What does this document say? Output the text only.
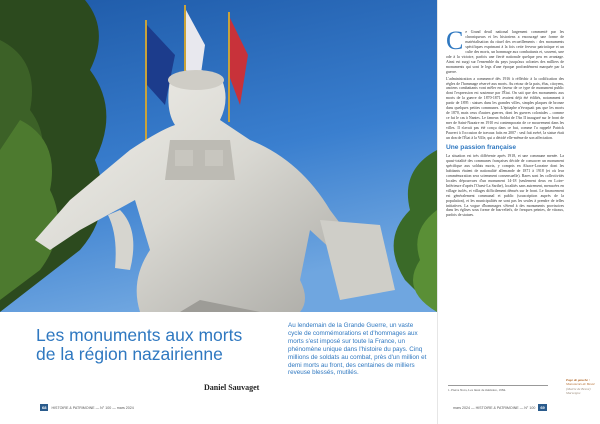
Les monuments aux morts
de la région nazairienne
Daniel Sauvaget
Au lendemain de la Grande Guerre, un vaste cycle de commémorations et d'hommages aux morts s'est imposé sur toute la France, un phénomène unique dans l'histoire du pays. Cinq millions de soldats au combat, près d'un million et demi morts au front, des centaines de milliers reveuse blessés, mutilés.
68	HISTOIRE & PATRIMOINE — N° 100 — mars 2024

Ce Grand deuil national largement commenté par les chroniqueurs et les historiens a encouragé une forme de matérialisation du rituel des recueillements : des monuments spécifiques exprimant à la fois cette ferveur patriotique et un culte des morts, un hommage aux combattants et, souvent, une ode à la victoire, parfois une fierté nationale quelque peu en avantage. Ainsi est surgi sur l'ensemble du pays jusqu'aux colonies des milliers de monuments qui sont le legs d'une époque profondément marquée par la guerre.

L'administration a commencé dès 1916 à réfléchir à la codification des règles de l'hommage réservé aux morts. Au retour de la paix, élus, citoyens, anciens combattants vont mêler en faveur de ce type de monument public dont l'expression est soutenue par l'État. On sait que des monuments aux morts de la guerre de 1870-1871 avaient déjà été édifiés, notamment à partir de 1895 : statues dans les grandes villes, simples plaques de bronze dans quelques petites communes. L'épitaphe n'évoquait pas que les morts de 1870, mais ceux d'autres guerres, dont les guerres coloniales – comme ce fut le cas à Nantes. Le fameux Soldat de l'An II inauguré sur le front de mer de Saint-Nazaire en 1910 est contemporain de ce mouvement dans les villes. Il n'avait pas été conçu dans ce but, comme l'a rappelé Patrick Pauvert à l'occasion de travaux faits en 2007 : seul fait avéré, la statue était un don de l'État à la Ville, qui a décidé elle-même de son affectation.

Une passion française

La situation est très différente après 1918, et une commune menée. La quasi-totalité des communes françaises décide de consacrer un monument spécifique aux soldats morts, y compris en Alsace-Lorraine dont les habitants étaient de nationalité allemande de 1871 à 1918 (et où leur commémoration sera sciemment consensuelle). Rares sont les collectivités locales dépourvues d'un monument 14-18 (seulement deux en Loire-Inférieure d'après l'Ouest-La Sarthe), localités sans autrement, menacées en village isolés, et villages difficilement dénués sur le front. Le financement est généralement communal et public (souscription auprès de la population), et les municipalités ne sont pas les seules à prendre de telles initiatives. La vogue d'hommages s'étend à des monuments provisoires dans les églises sous forme de bas-reliefs, de fresques peintes, de vitraux, parfois de statues.

1. Pierre Nora, Les lieux de mémoire, 1984.
Page de gauche :
Monuments de Besné
(Mairie de Besné) Marseigne
mars 2024 — HISTOIRE & PATRIMOINE — N° 100	69
